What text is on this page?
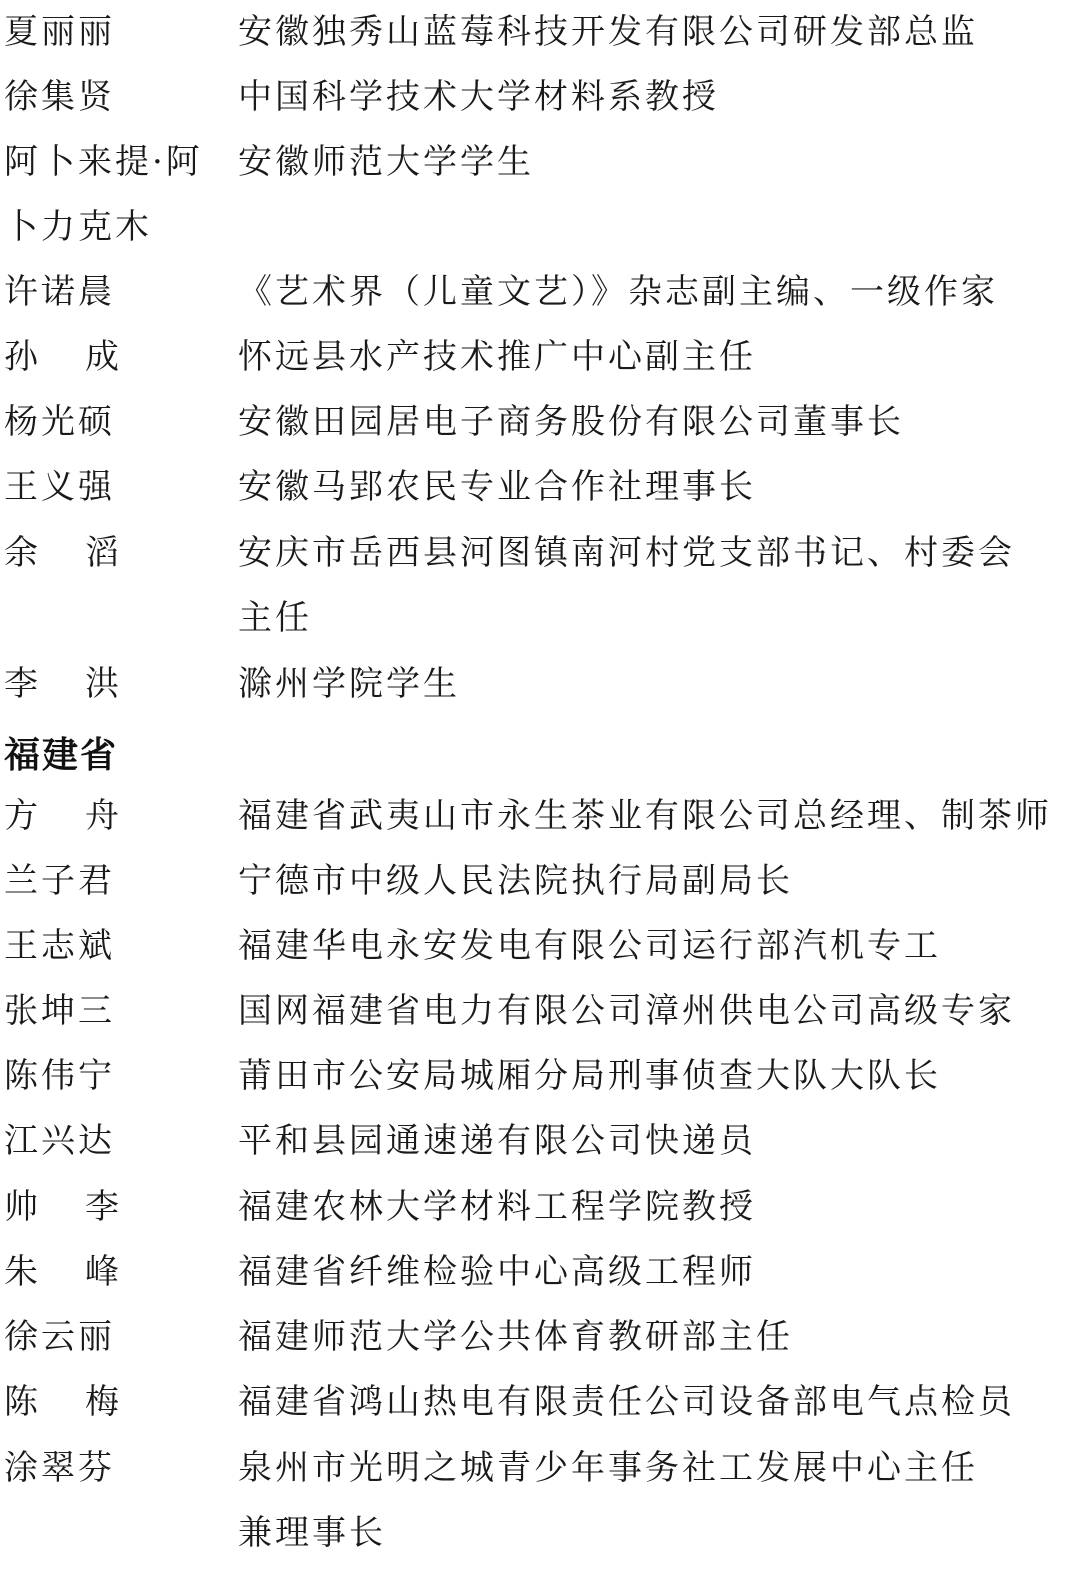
夏丽丽	安徽独秀山蓝莓科技开发有限公司研发部总监
徐集贤	中国科学技术大学材料系教授
阿卜来提·阿	安徽师范大学学生
卜力克木
许诺晨	《艺术界（儿童文艺）》杂志副主编、一级作家
孙 成	怀远县水产技术推广中心副主任
杨光硕	安徽田园居电子商务股份有限公司董事长
王义强	安徽马郢农民专业合作社理事长
余 滔	安庆市岳西县河图镇南河村党支部书记、村委会
主任
李 洪	滁州学院学生
福建省
方 舟	福建省武夷山市永生茶业有限公司总经理、制茶师
兰子君	宁德市中级人民法院执行局副局长
王志斌	福建华电永安发电有限公司运行部汽机专工
张坤三	国网福建省电力有限公司漳州供电公司高级专家
陈伟宁	莆田市公安局城厢分局刑事侦查大队大队长
江兴达	平和县园通速递有限公司快递员
帅 李	福建农林大学材料工程学院教授
朱 峰	福建省纤维检验中心高级工程师
徐云丽	福建师范大学公共体育教研部主任
陈 梅	福建省鸿山热电有限责任公司设备部电气点检员
涂翠芬	泉州市光明之城青少年事务社工发展中心主任
兼理事长
